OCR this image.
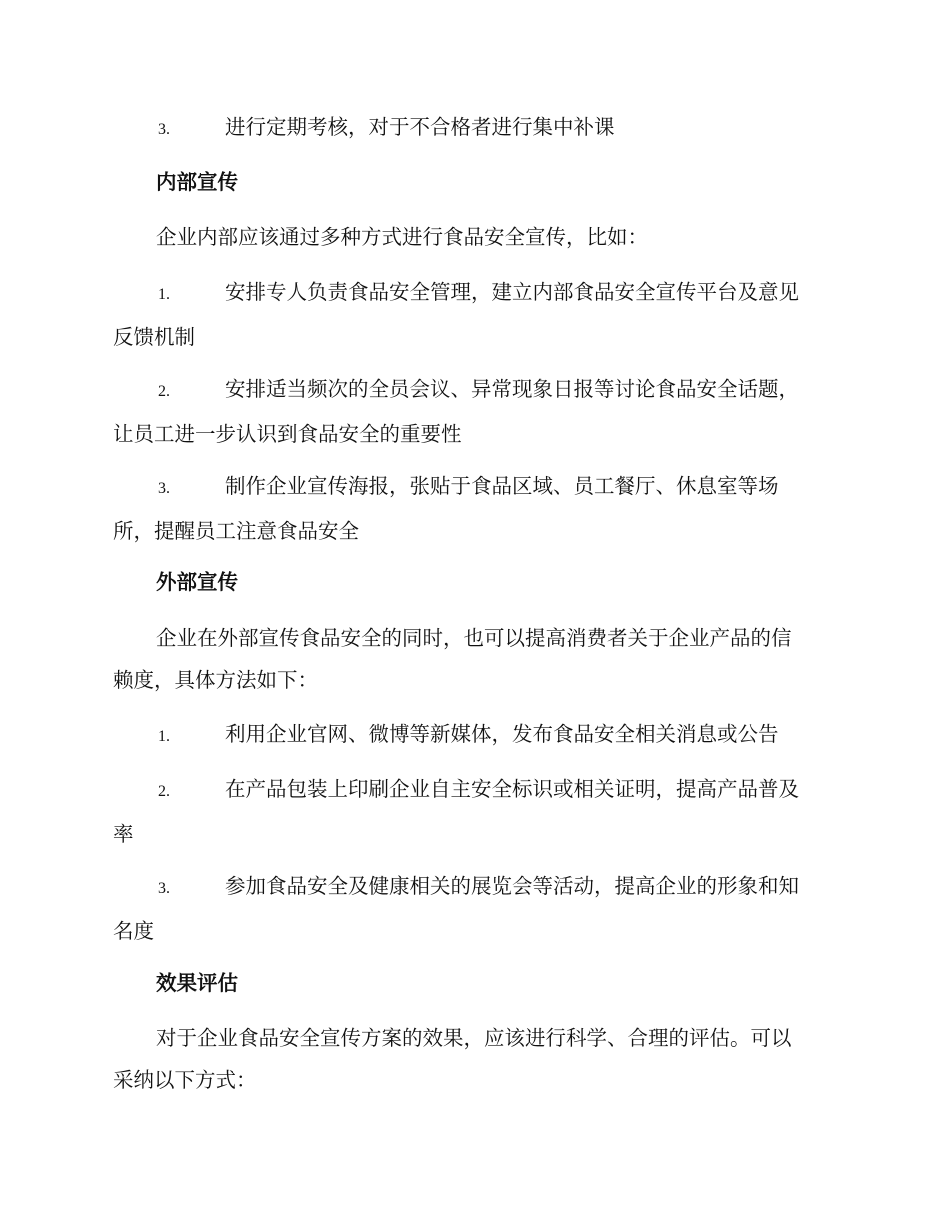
3.	进行定期考核，对于不合格者进行集中补课
内部宣传
企业内部应该通过多种方式进行食品安全宣传，比如：
1.	安排专人负责食品安全管理，建立内部食品安全宣传平台及意见
反馈机制
2.	安排适当频次的全员会议、异常现象日报等讨论食品安全话题，
让员工进一步认识到食品安全的重要性
3.	制作企业宣传海报，张贴于食品区域、员工餐厅、休息室等场
所，提醒员工注意食品安全
外部宣传
企业在外部宣传食品安全的同时，也可以提高消费者关于企业产品的信
赖度，具体方法如下：
1.	利用企业官网、微博等新媒体，发布食品安全相关消息或公告
2.	在产品包装上印刷企业自主安全标识或相关证明，提高产品普及
率
3.	参加食品安全及健康相关的展览会等活动，提高企业的形象和知
名度
效果评估
对于企业食品安全宣传方案的效果，应该进行科学、合理的评估。可以
采纳以下方式：
